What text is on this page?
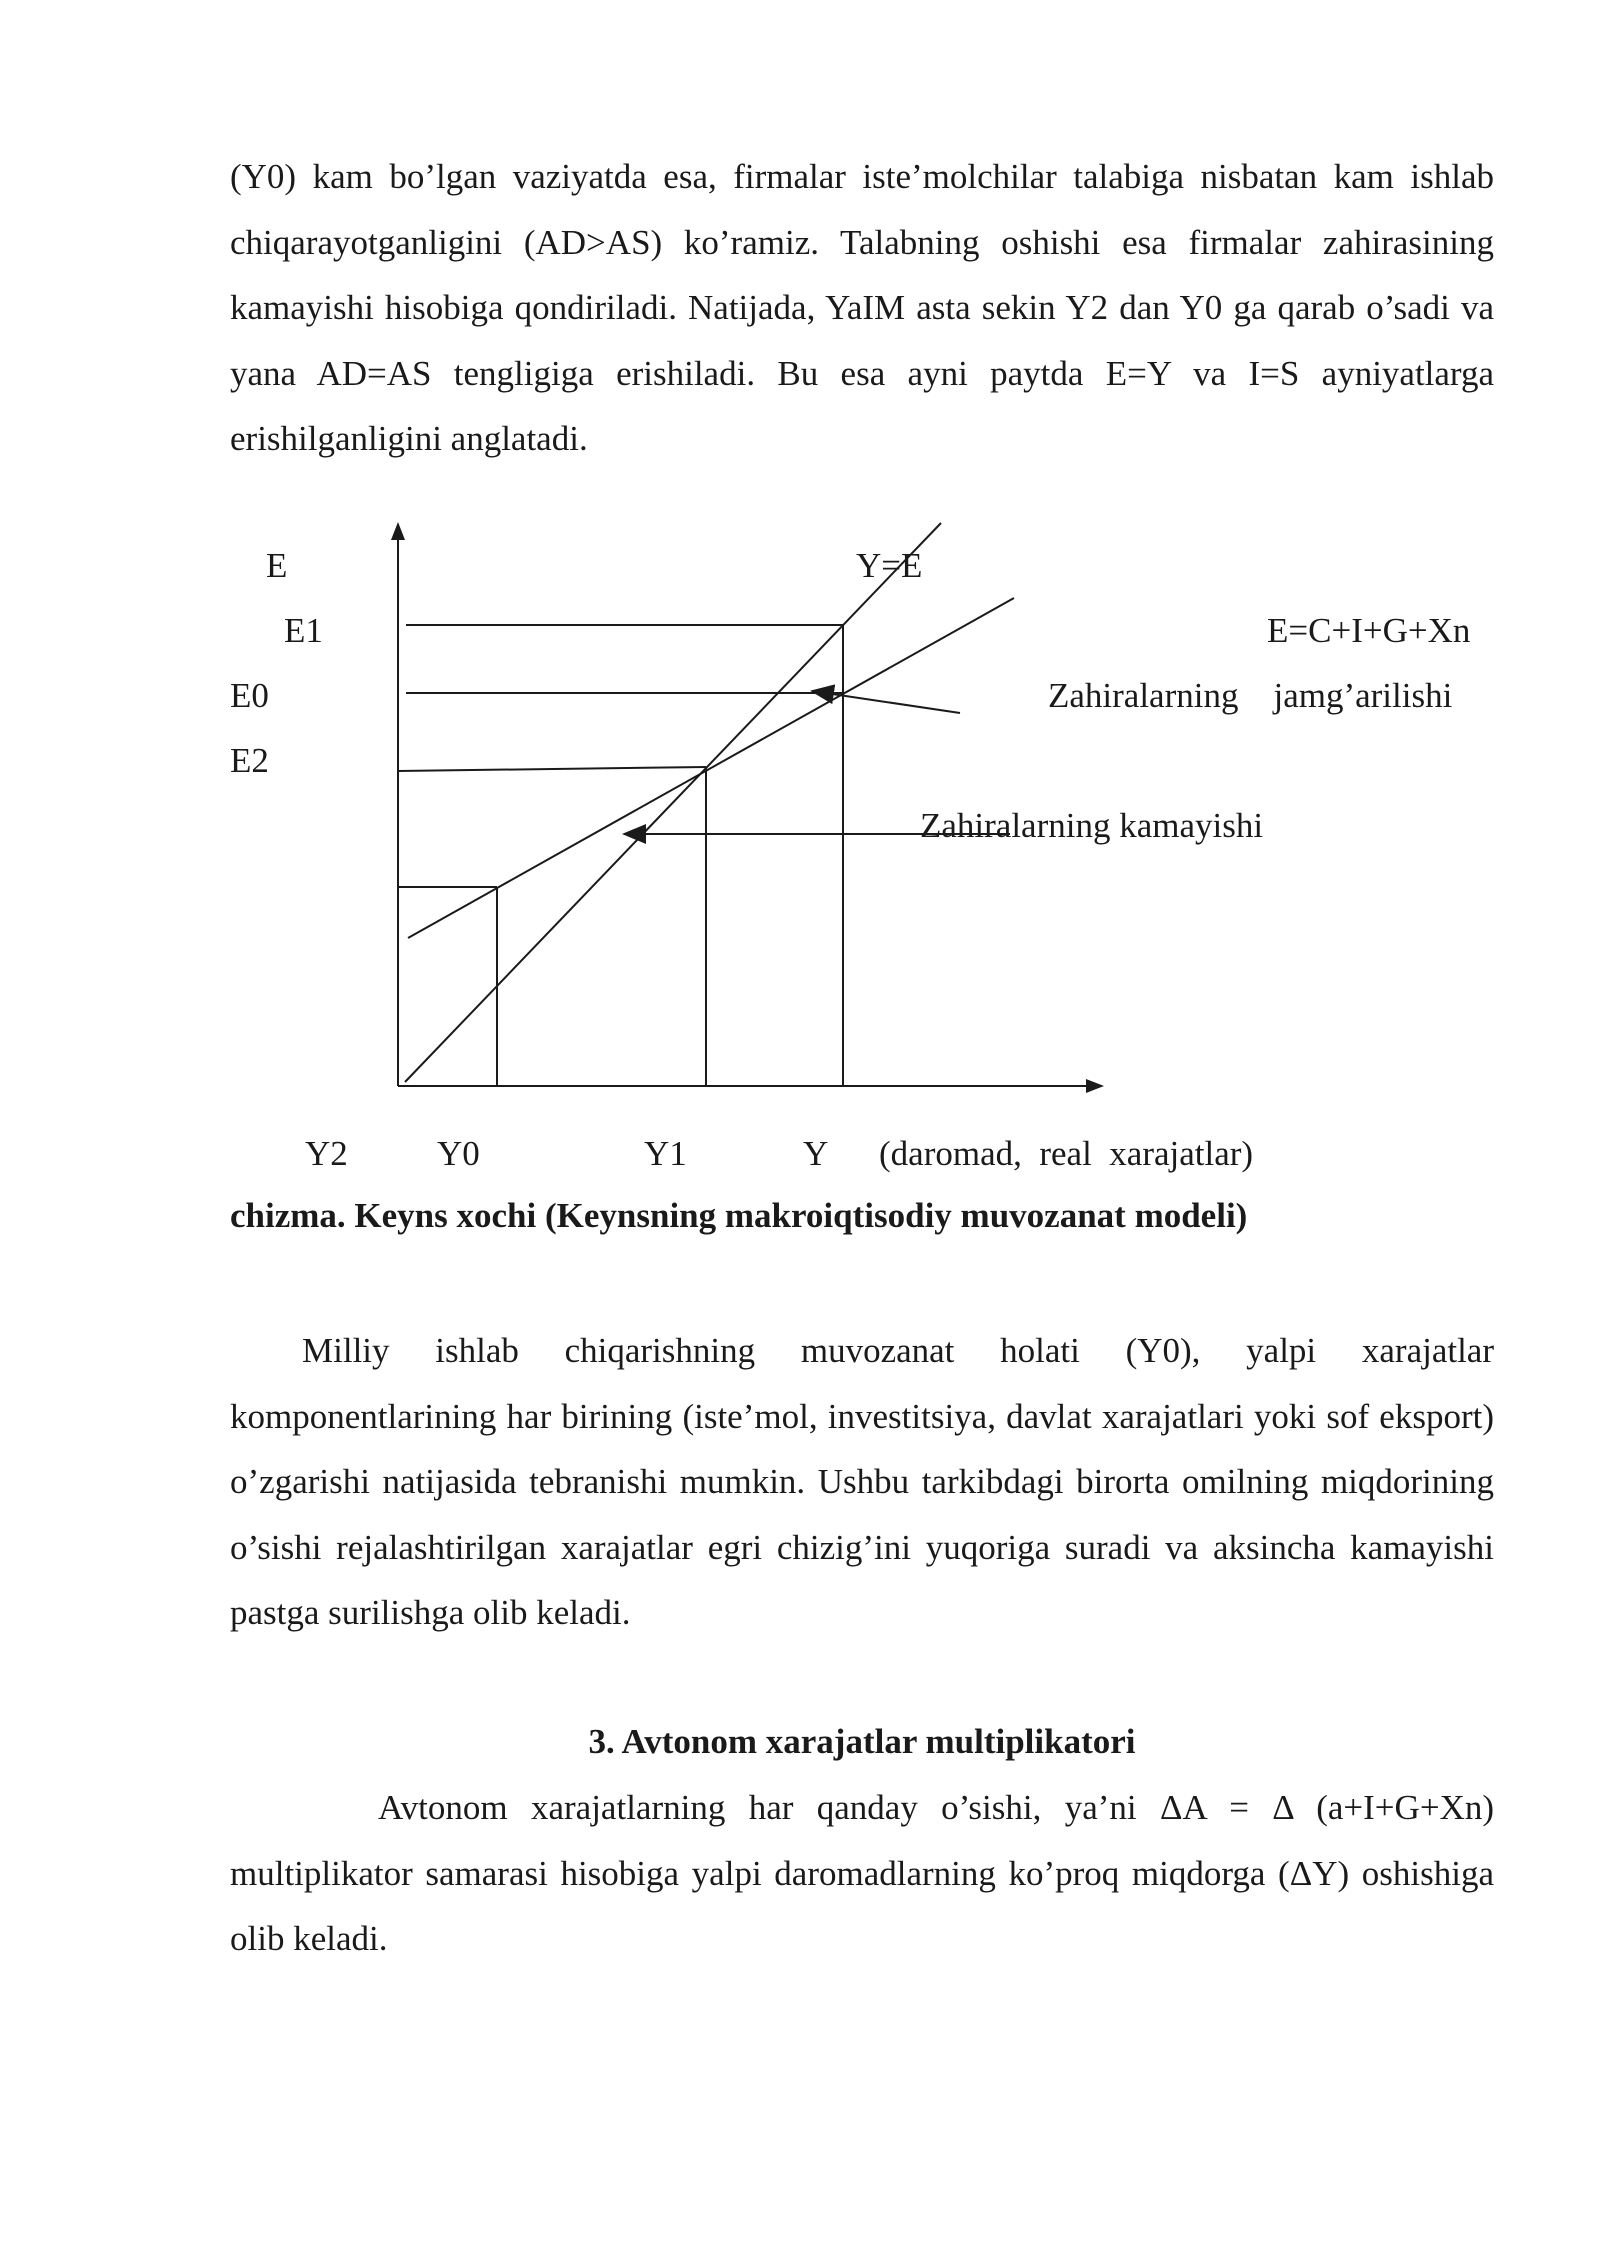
(Y0) kam bo’lgan vaziyatda esa, firmalar iste’molchilar talabiga nisbatan kam ishlab chiqarayotganligini (AD>AS) ko’ramiz. Talabning oshishi esa firmalar zahirasining kamayishi hisobiga qondiriladi. Natijada, YaIM asta sekin Y2 dan Y0 ga qarab o’sadi va yana AD=AS tengligiga erishiladi. Bu esa ayni paytda E=Y va I=S ayniyatlarga erishilganligini anglatadi.

E	Y=E
E1	E=C+I+G+Xn
E0	Zahiralarning    jamg’arilishi
E2
Zahiralarning kamayishi
Y2	Y0	Y1	Y (daromad,  real  xarajatlar)

chizma. Keyns xochi (Keynsning makroiqtisodiy muvozanat modeli)

Milliy ishlab chiqarishning muvozanat holati (Y0), yalpi xarajatlar komponentlarining har birining (iste’mol, investitsiya, davlat xarajatlari yoki sof eksport) o’zgarishi natijasida tebranishi mumkin. Ushbu tarkibdagi birorta omilning miqdorining o’sishi rejalashtirilgan xarajatlar egri chizig’ini yuqoriga suradi va aksincha kamayishi pastga surilishga olib keladi.

3. Avtonom xarajatlar multiplikatori

Avtonom xarajatlarning har qanday o’sishi, ya’ni ΔA = Δ (a+I+G+Xn) multiplikator samarasi hisobiga yalpi daromadlarning ko’proq miqdorga (ΔY) oshishiga olib keladi.
